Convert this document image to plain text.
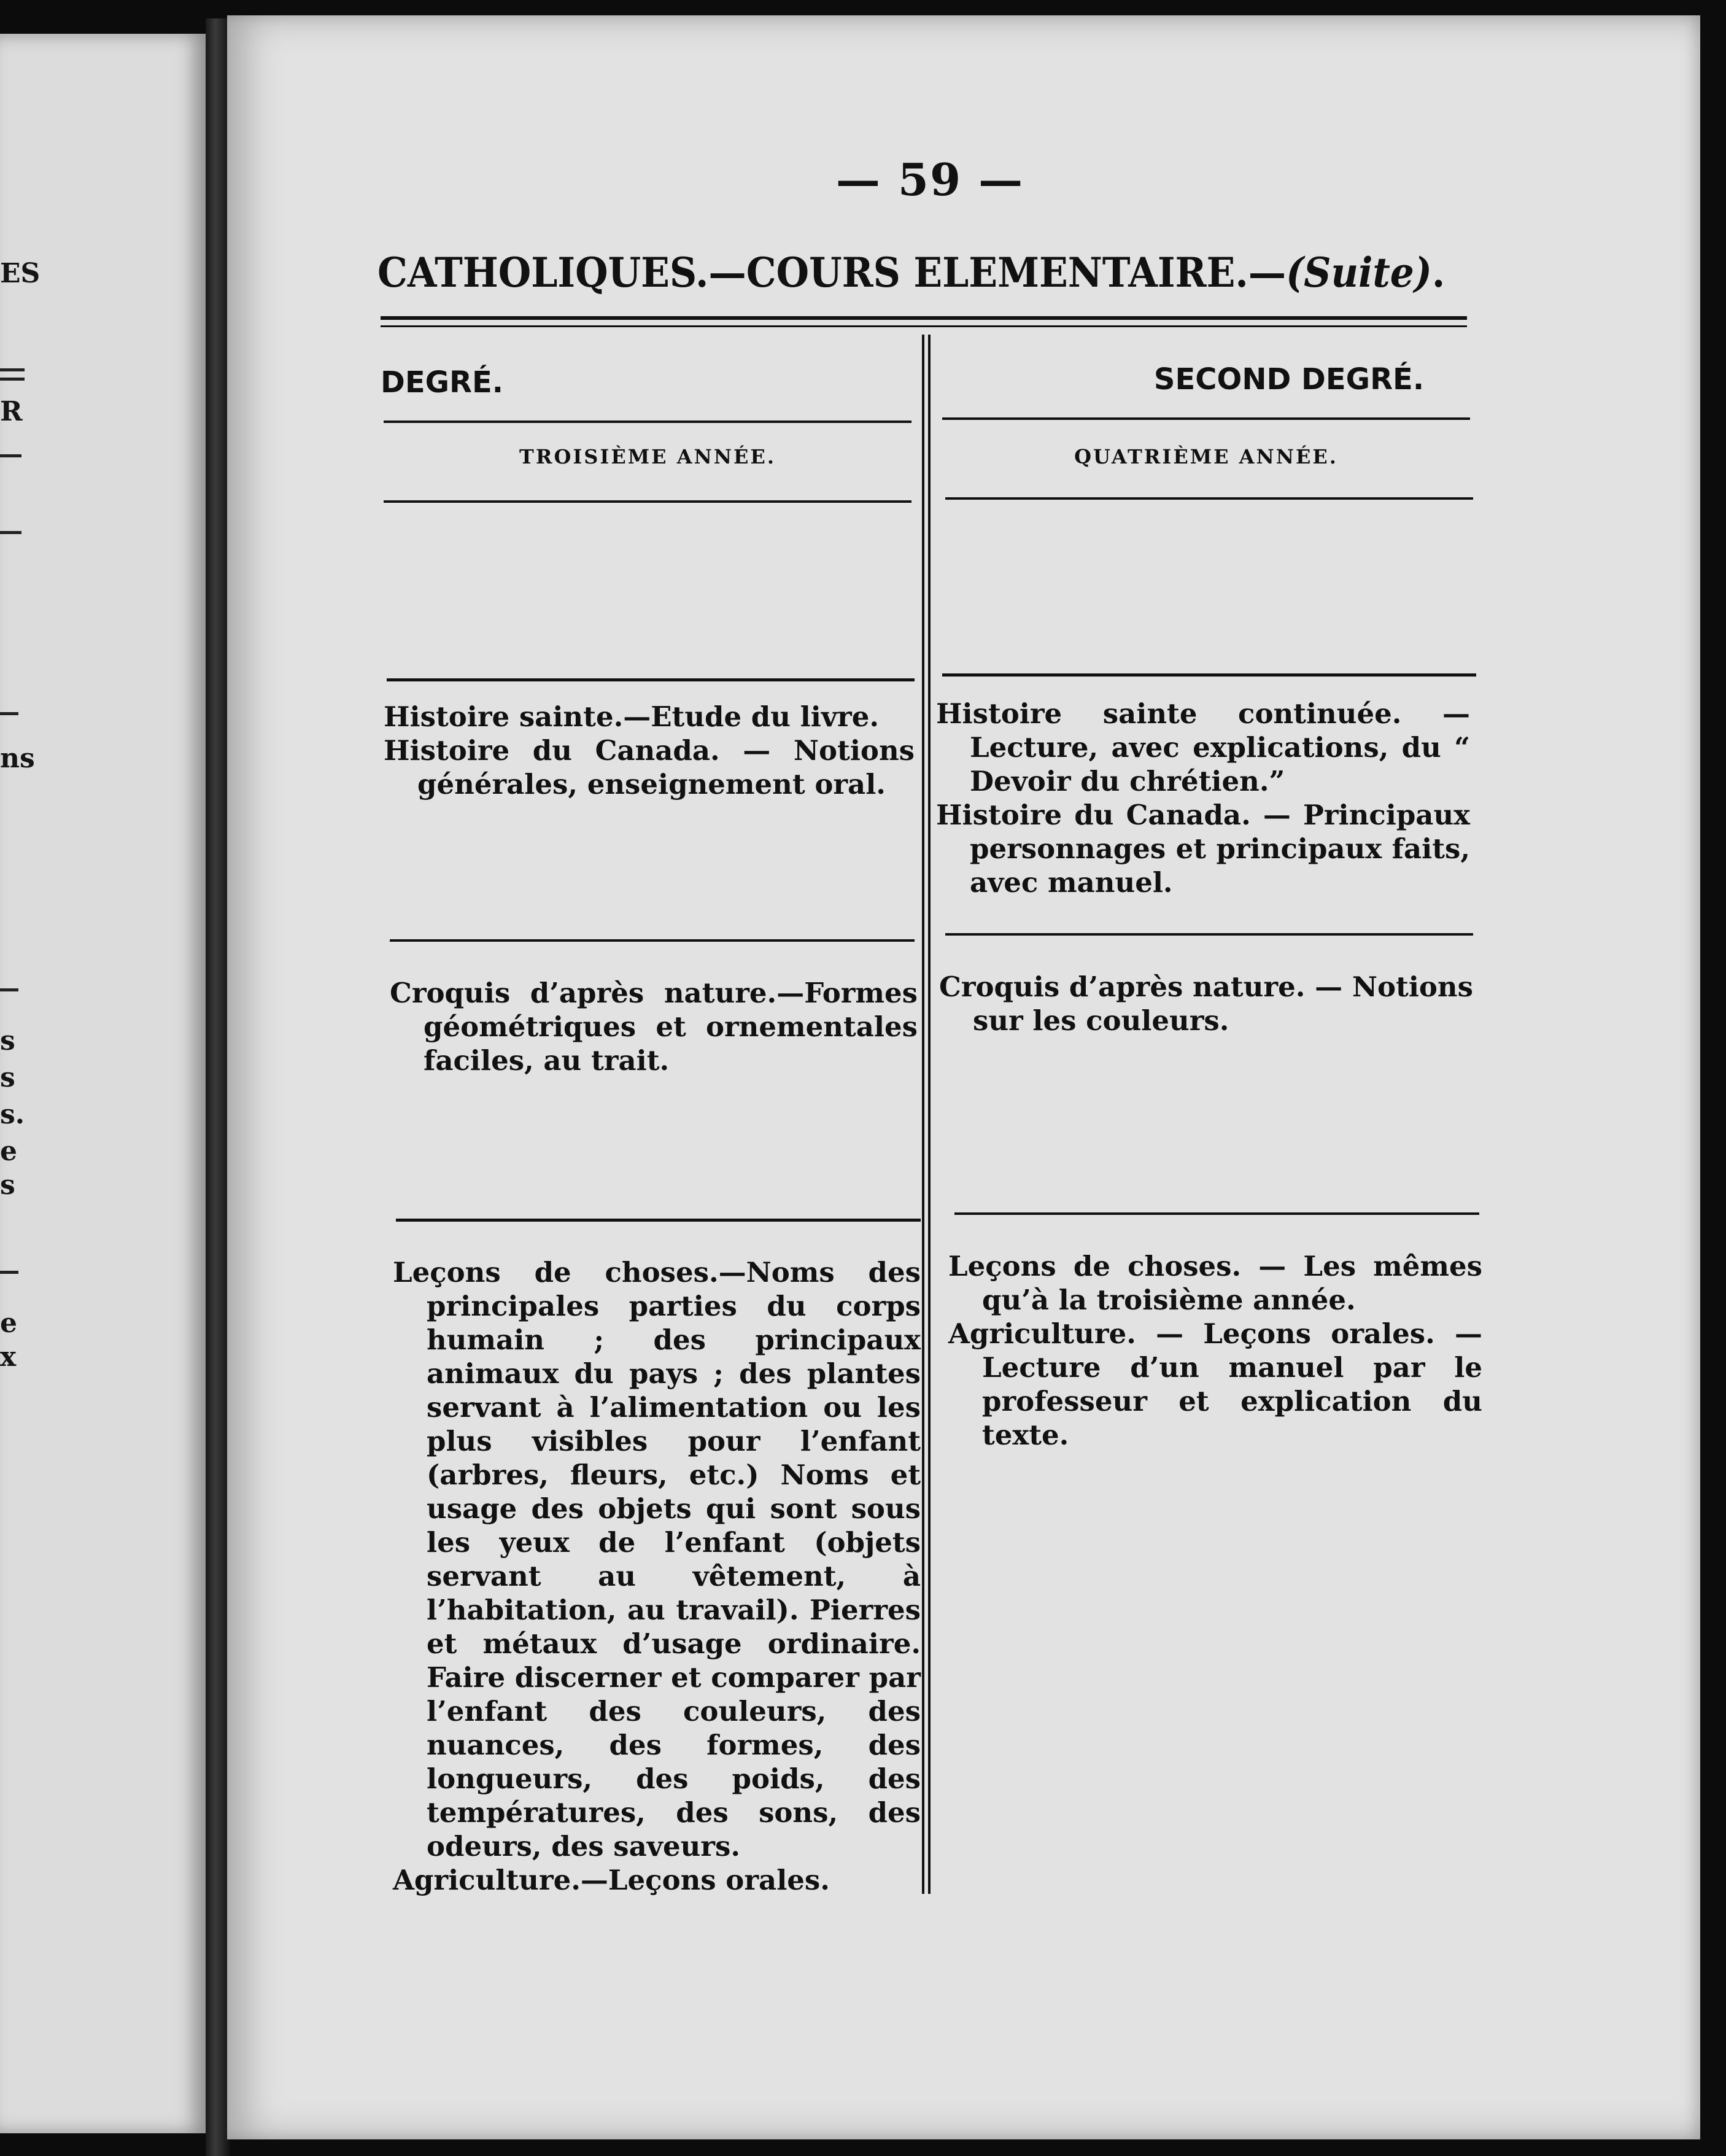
ES
R
ns
s
s
s.
e
s
e
x
— 59 —
CATHOLIQUES.—COURS ELEMENTAIRE.—(Suite).
DEGRÉ.	SECOND DEGRÉ.
TROISIÈME ANNÉE.	QUATRIÈME ANNÉE.

Histoire sainte.—Etude du livre.

Histoire du Canada. — Notions générales, enseignement oral.

Histoire sainte continuée. — Lecture, avec explications, du “ Devoir du chrétien.”

Histoire du Canada. — Principaux personnages et principaux faits, avec manuel.

Croquis d’après nature.—Formes géométriques et ornementales faciles, au trait.

Croquis d’après nature. — Notions sur les couleurs.

Leçons de choses.—Noms des principales parties du corps humain ; des principaux animaux du pays ; des plantes servant à l’alimentation ou les plus visibles pour l’enfant (arbres, fleurs, etc.) Noms et usage des objets qui sont sous les yeux de l’enfant (objets servant au vêtement, à l’habitation, au travail). Pierres et métaux d’usage ordinaire. Faire discerner et comparer par l’enfant des couleurs, des nuances, des formes, des longueurs, des poids, des températures, des sons, des odeurs, des saveurs.

Agriculture.—Leçons orales.

Leçons de choses. — Les mêmes qu’à la troisième année.

Agriculture. — Leçons orales. — Lecture d’un manuel par le professeur et explication du texte.
